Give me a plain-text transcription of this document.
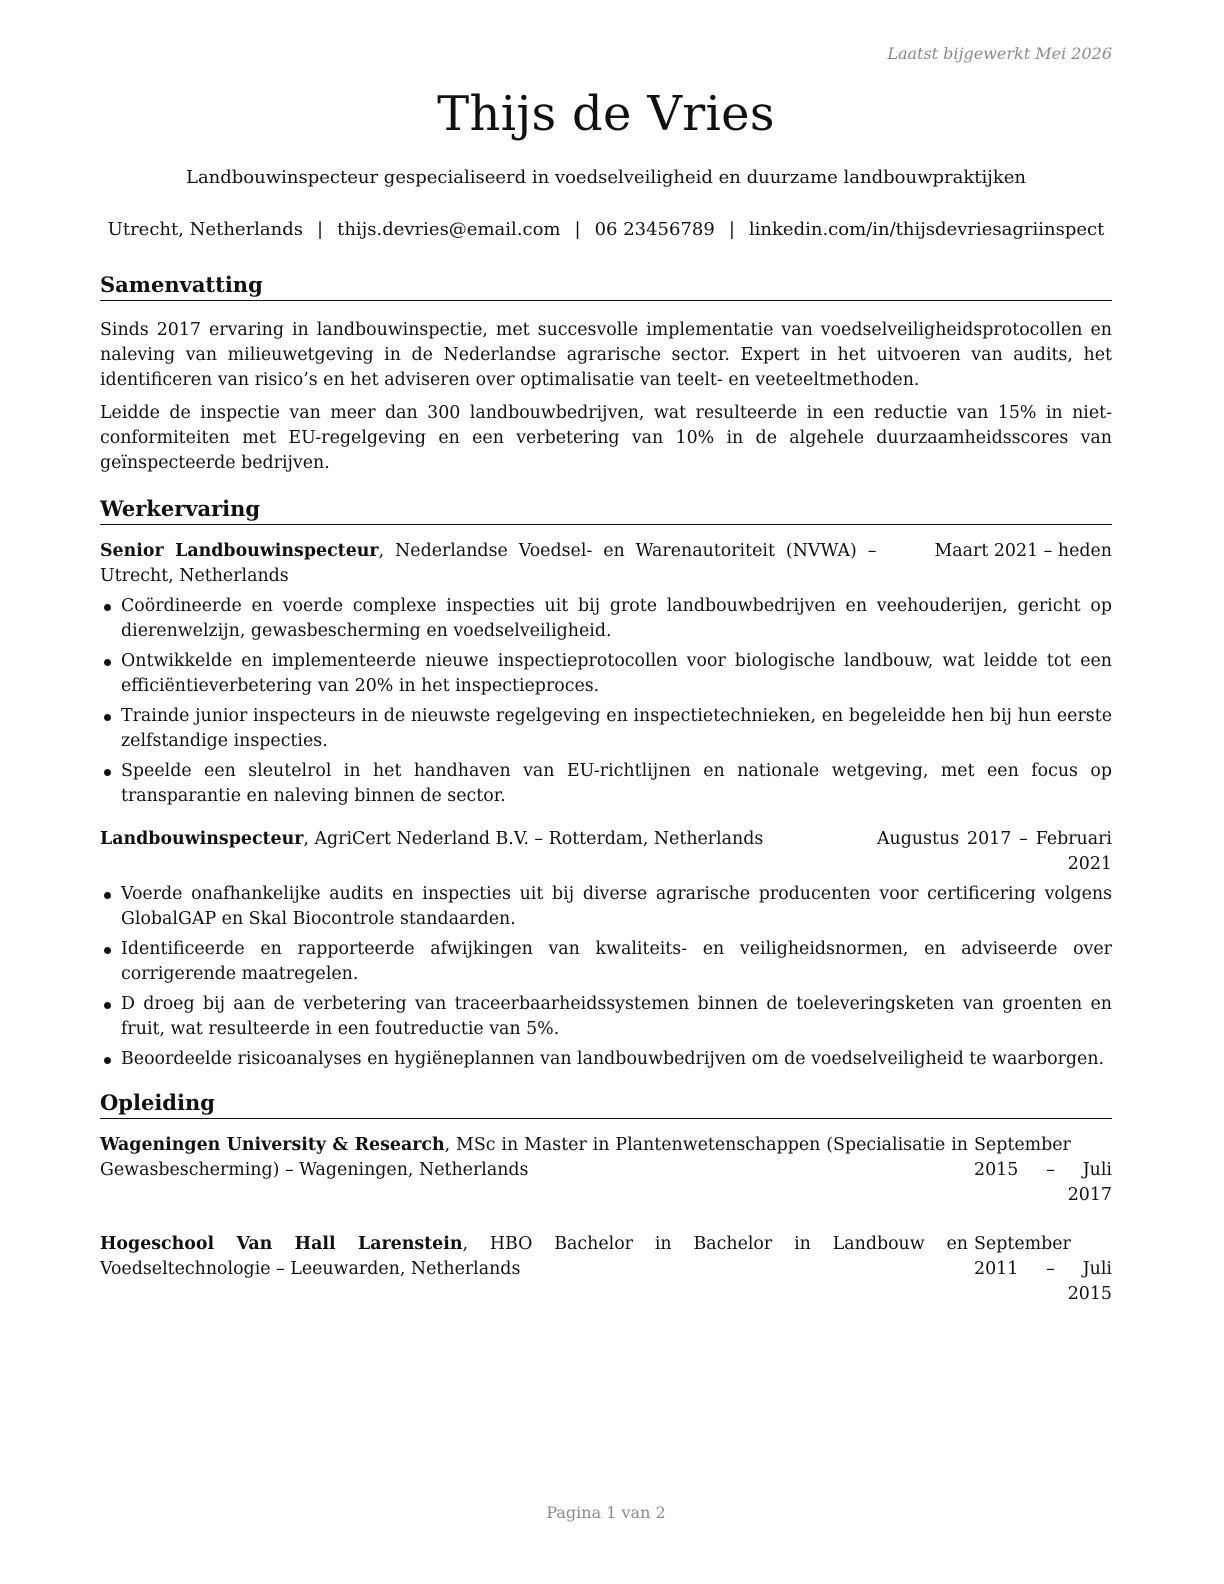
Laatst bijgewerkt Mei 2026
Thijs de Vries
Landbouwinspecteur gespecialiseerd in voedselveiligheid en duurzame landbouwpraktijken
Utrecht, Netherlands | thijs.devries@email.com | 06 23456789 | linkedin.com/in/thijsdevriesagriinspect
Samenvatting

Sinds 2017 ervaring in landbouwinspectie, met succesvolle implementatie van voedselveiligheidsprotocollen en naleving van milieuwetgeving in de Nederlandse agrarische sector. Expert in het uitvoeren van audits, het identificeren van risico’s en het adviseren over optimalisatie van teelt- en veeteeltmethoden.

Leidde de inspectie van meer dan 300 landbouwbedrijven, wat resulteerde in een reductie van 15% in niet-conformiteiten met EU-regelgeving en een verbetering van 10% in de algehele duurzaamheidsscores van geïnspecteerde bedrijven.

Werkervaring
Senior Landbouwinspecteur, Nederlandse Voedsel- en Warenautoriteit (NVWA) – Utrecht, Netherlands
Maart 2021 – heden
Coördineerde en voerde complexe inspecties uit bij grote landbouwbedrijven en veehouderijen, gericht op dierenwelzijn, gewasbescherming en voedselveiligheid.
Ontwikkelde en implementeerde nieuwe inspectieprotocollen voor biologische landbouw, wat leidde tot een efficiëntieverbetering van 20% in het inspectieproces.
Trainde junior inspecteurs in de nieuwste regelgeving en inspectietechnieken, en begeleidde hen bij hun eerste zelfstandige inspecties.
Speelde een sleutelrol in het handhaven van EU-richtlijnen en nationale wetgeving, met een focus op transparantie en naleving binnen de sector.
Landbouwinspecteur, AgriCert Nederland B.V. – Rotterdam, Netherlands	Augustus 2017 – Februari 2021
Voerde onafhankelijke audits en inspecties uit bij diverse agrarische producenten voor certificering volgens GlobalGAP en Skal Biocontrole standaarden.
Identificeerde en rapporteerde afwijkingen van kwaliteits- en veiligheidsnormen, en adviseerde over corrigerende maatregelen.
D droeg bij aan de verbetering van traceerbaarheidssystemen binnen de toeleveringsketen van groenten en fruit, wat resulteerde in een foutreductie van 5%.
Beoordeelde risicoanalyses en hygiëneplannen van landbouwbedrijven om de voedselveiligheid te waarborgen.
Opleiding
Wageningen University & Research, MSc in Master in Plantenwetenschappen (Specialisatie in Gewasbescherming) – Wageningen, Netherlands
September 2015 – Juli 2017
Hogeschool Van Hall Larenstein, HBO Bachelor in Bachelor in Landbouw en Voedseltechnologie – Leeuwarden, Netherlands
September 2011 – Juli 2015
Pagina 1 van 2
